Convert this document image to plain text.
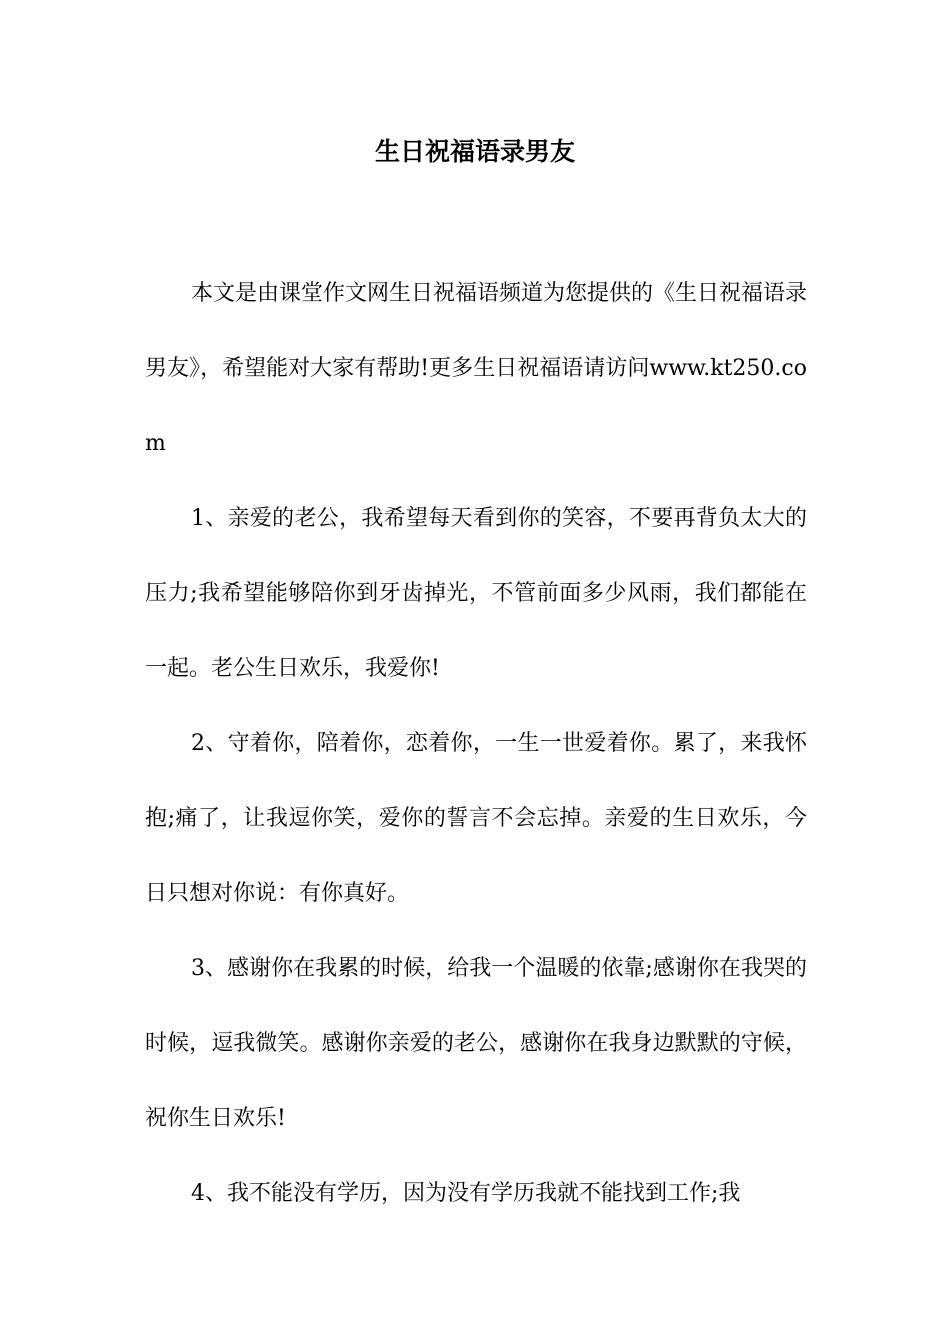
生日祝福语录男友

本文是由课堂作文网生日祝福语频道为您提供的《生日祝福语录男友》，希望能对大家有帮助!更多生日祝福语请访问www.kt250.com

1、亲爱的老公，我希望每天看到你的笑容，不要再背负太大的压力;我希望能够陪你到牙齿掉光，不管前面多少风雨，我们都能在一起。老公生日欢乐，我爱你!

2、守着你，陪着你，恋着你，一生一世爱着你。累了，来我怀抱;痛了，让我逗你笑，爱你的誓言不会忘掉。亲爱的生日欢乐，今日只想对你说：有你真好。

3、感谢你在我累的时候，给我一个温暖的依靠;感谢你在我哭的时候，逗我微笑。感谢你亲爱的老公，感谢你在我身边默默的守候，祝你生日欢乐!

4、我不能没有学历，因为没有学历我就不能找到工作;我
